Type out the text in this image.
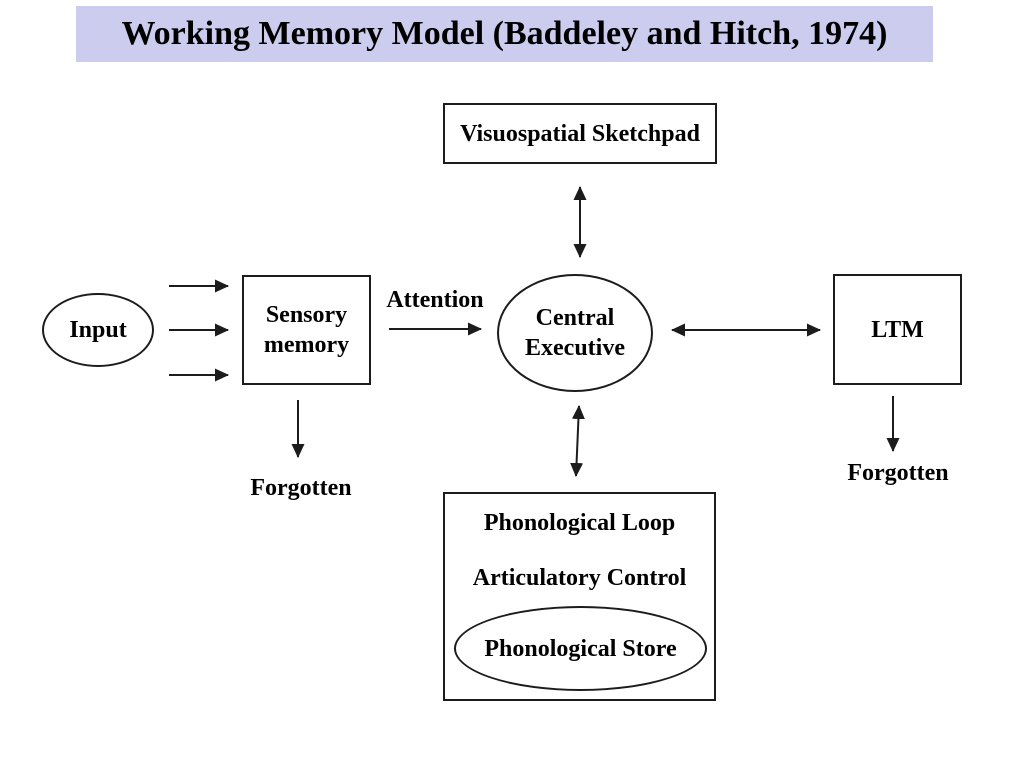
Working Memory Model (Baddeley and Hitch, 1974)
Visuospatial Sketchpad
Input
Sensory memory
Attention
Central Executive
LTM
Forgotten
Forgotten
Phonological Loop
Articulatory Control
Phonological Store
